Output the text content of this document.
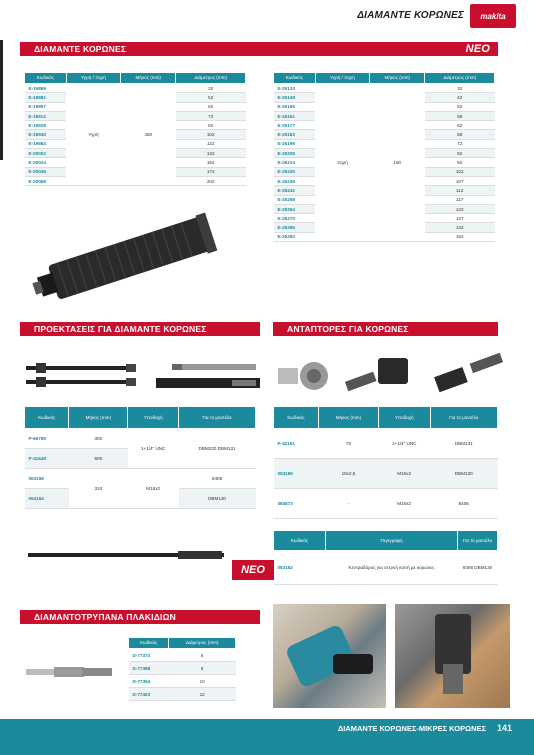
ΔΙΑΜΑΝΤΕ ΚΟΡΩΝΕΣ	makita
ΔΙΑΜΑΝΤΕ ΚΟΡΩΝΕΣ	ΝΕΟ
Κωδικός	Υγρή / Ξηρή	Μήκος (mm)	Διάμετρος (mm)
E-19869	Υγρή	450	32
E-19881			52
E-19897			62
E-19912			72
E-19928			82
E-19940			102
E-19984			122
E-20002			132
E-20024			152
E-20046			172
E-20068			202
Κωδικός	Υγρή / Ξηρή	Μήκος (mm)	Διάμετρος (mm)
E-25133	Ξηρή	150	32
E-25149			42
E-25155			52
E-25161			58
E-25177			62
E-25183			68
E-25199			72
E-25208			82
E-25214			92
E-25220			102
E-25236			107
E-25242			112
E-25258			117
E-25264			122
E-25270			127
E-25286			132
E-25292			152
ΠΡΟΕΚΤΑΣΕΙΣ ΓΙΑ ΔΙΑΜΑΝΤΕ ΚΟΡΩΝΕΣ	ΑΝΤΑΠΤΟΡΕΣ ΓΙΑ ΚΟΡΩΝΕΣ
Κωδικός	Μήκος (mm)	Υποδοχή	Για το μοντέλο
P-66759	300	1+1/4" UNC	DBM230 DBM131
P-41648	500		
053158	310	M16x2	8406
053164			DBM130
Κωδικός	Μήκος (mm)	Υποδοχή	Για το μοντέλο
P-42151	75	1+1/4" UNC	DBM131
053165	18x2,5	M16x2	DBM130
384573	-	M16x2	8406
ΝΕΟ
Κωδικός	Περιγραφή	Για το μοντέλο
053152	Κεντραδόρος για στεγνή κοπή με κορώνες	8406 DBM130
ΔΙΑΜΑΝΤΟΤΡΥΠΑΝΑ ΠΛΑΚΙΔΙΩΝ
Κωδικός	Διάμετρος (mm)
D-77372	6
D-77388	8
D-77394	10
D-77403	12
ΔΙΑΜΑΝΤΕ ΚΟΡΩΝΕΣ-ΜΙΚΡΕΣ ΚΟΡΩΝΕΣ 141
